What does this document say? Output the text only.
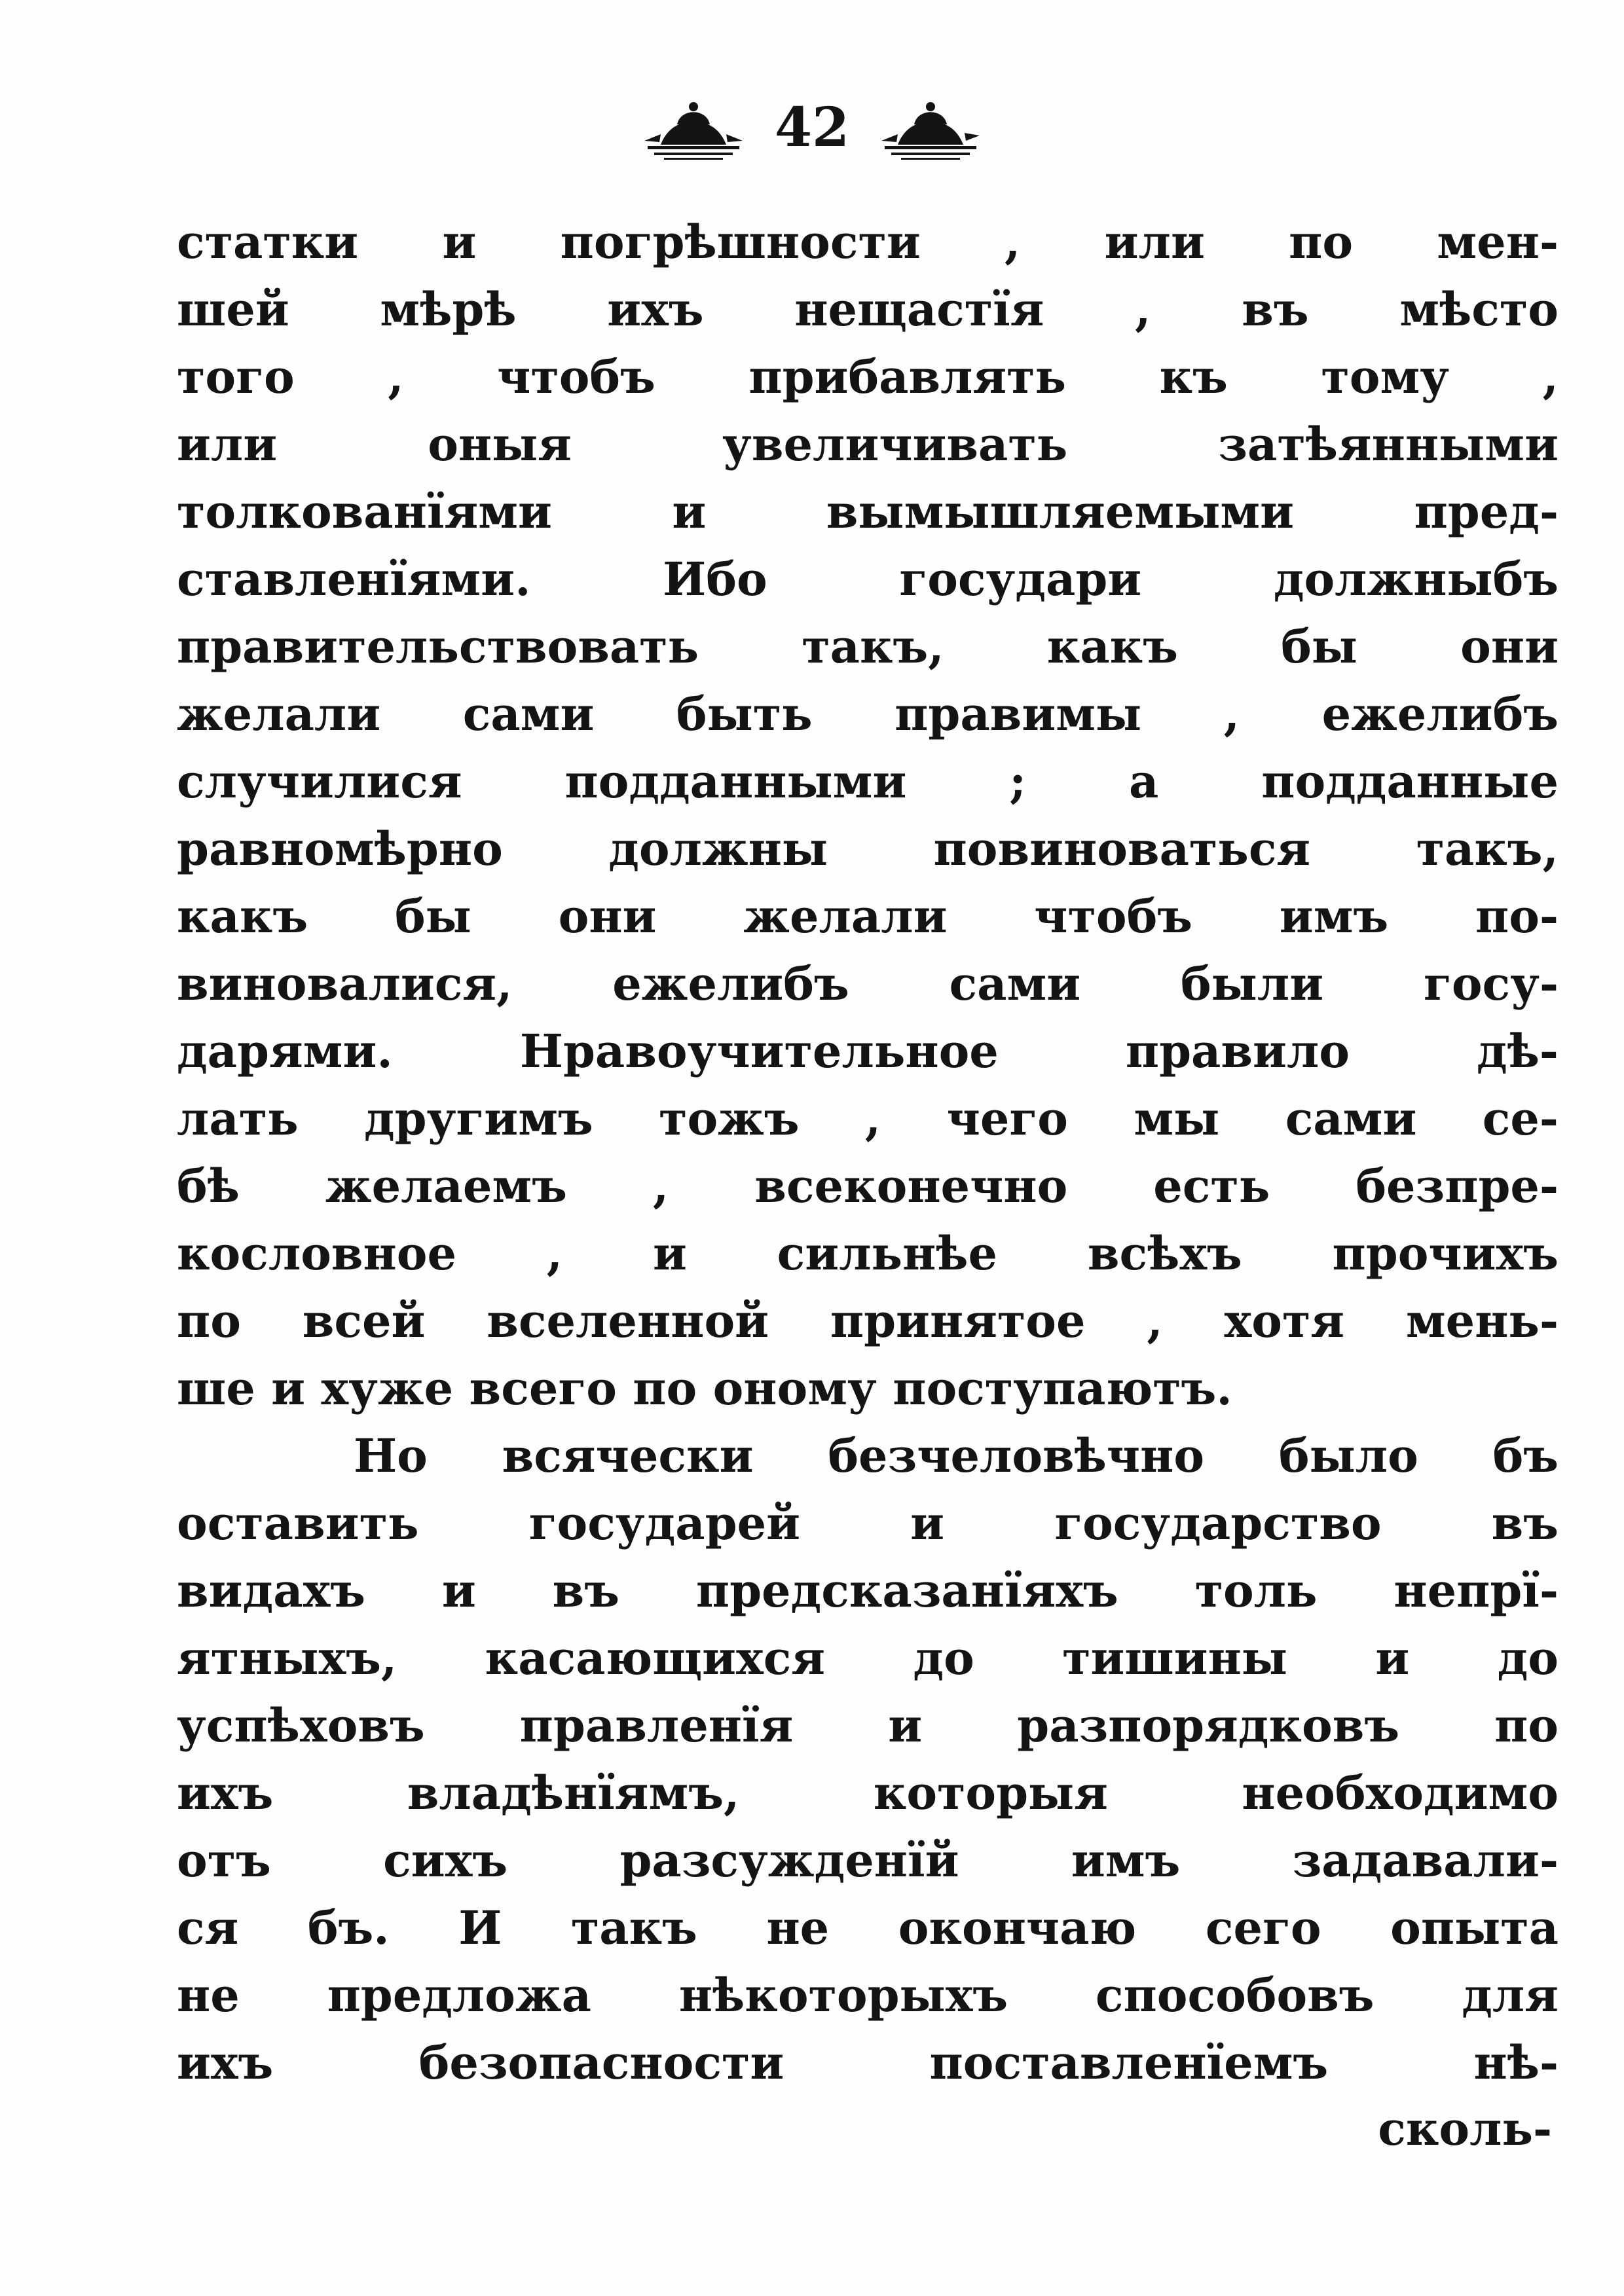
42
статки и погрѣшности , или по мен-
шей мѣрѣ ихъ нещастїя , въ мѣсто
того , чтобъ прибавлять къ тому ,
или оныя увеличивать затѣянными
толкованїями и вымышляемыми пред-
ставленїями. Ибо государи должныбъ
правительствовать такъ, какъ бы они
желали сами быть правимы , ежелибъ
случилися подданными ; а подданные
равномѣрно должны повиноваться такъ,
какъ бы они желали чтобъ имъ по-
виновалися, ежелибъ сами были госу-
дарями. Нравоучительное правило дѣ-
лать другимъ тожъ , чего мы сами се-
бѣ желаемъ , всеконечно есть безпре-
кословное , и сильнѣе всѣхъ прочихъ
по всей вселенной принятое , хотя мень-
ше и хуже всего по оному поступаютъ.
Но всячески безчеловѣчно было бъ
оставить государей и государство въ
видахъ и въ предсказанїяхъ толь непрї-
ятныхъ, касающихся до тишины и до
успѣховъ правленїя и разпорядковъ по
ихъ владѣнїямъ, которыя необходимо
отъ сихъ разсужденїй имъ задавали-
ся бъ. И такъ не окончаю сего опыта
не предложа нѣкоторыхъ способовъ для
ихъ безопасности поставленїемъ нѣ-
сколь-
